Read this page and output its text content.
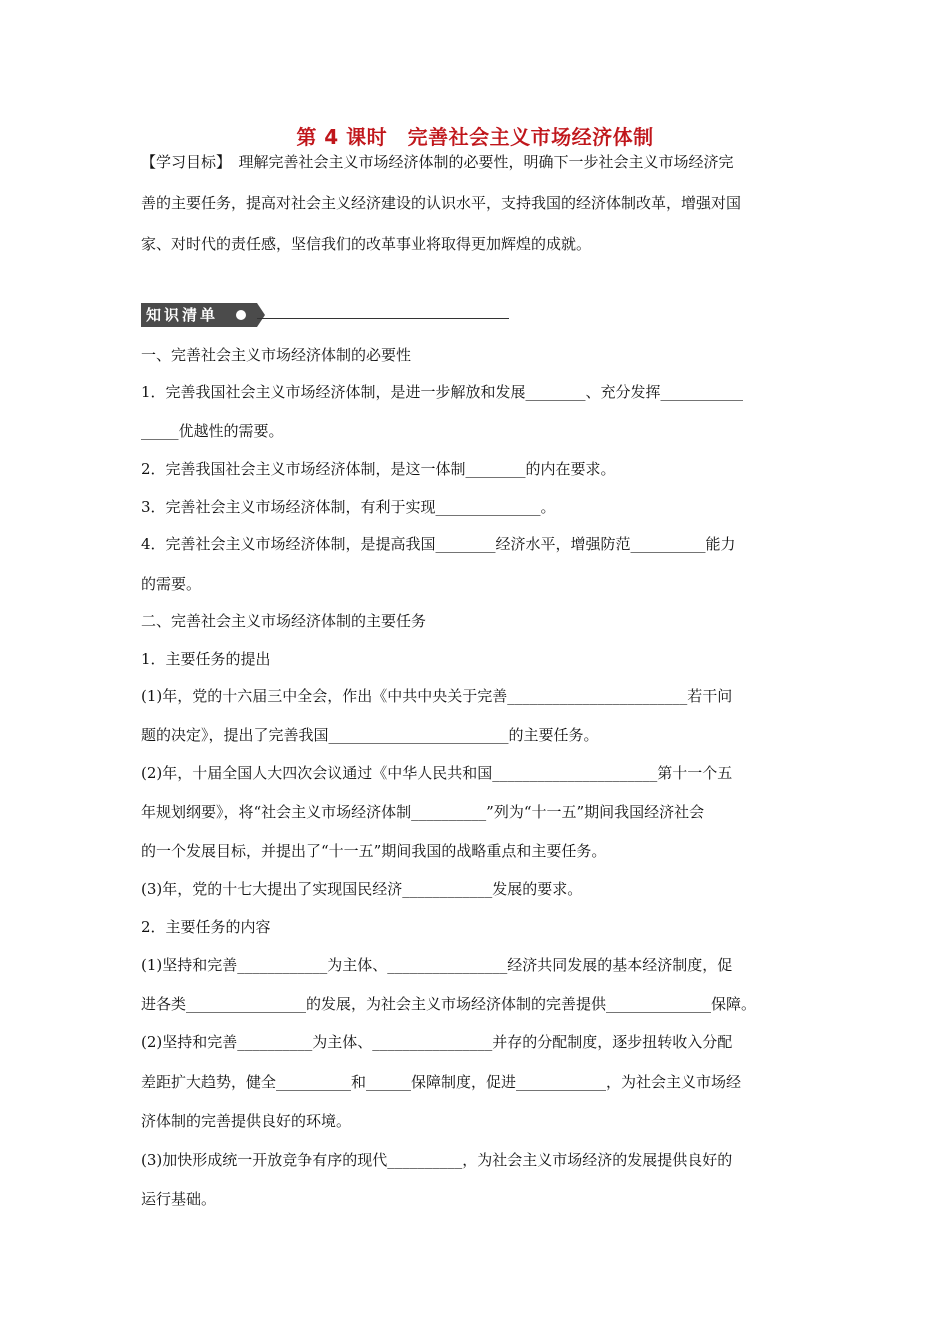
第 4 课时　完善社会主义市场经济体制
【学习目标】　理解完善社会主义市场经济体制的必要性，明确下一步社会主义市场经济完
善的主要任务，提高对社会主义经济建设的认识水平，支持我国的经济体制改革，增强对国
家、对时代的责任感，坚信我们的改革事业将取得更加辉煌的成就。
知识清单
一、完善社会主义市场经济体制的必要性
1．完善我国社会主义市场经济体制，是进一步解放和发展________、充分发挥___________
_____优越性的需要。
2．完善我国社会主义市场经济体制，是这一体制________的内在要求。
3．完善社会主义市场经济体制，有利于实现______________。
4．完善社会主义市场经济体制，是提高我国________经济水平，增强防范__________能力
的需要。
二、完善社会主义市场经济体制的主要任务
1．主要任务的提出
(1)年，党的十六届三中全会，作出《中共中央关于完善________________________若干问
题的决定》，提出了完善我国________________________的主要任务。
(2)年，十届全国人大四次会议通过《中华人民共和国______________________第十一个五
年规划纲要》，将“社会主义市场经济体制__________”列为“十一五”期间我国经济社会
的一个发展目标，并提出了“十一五”期间我国的战略重点和主要任务。
(3)年，党的十七大提出了实现国民经济____________发展的要求。
2．主要任务的内容
(1)坚持和完善____________为主体、________________经济共同发展的基本经济制度，促
进各类________________的发展，为社会主义市场经济体制的完善提供______________保障。
(2)坚持和完善__________为主体、________________并存的分配制度，逐步扭转收入分配
差距扩大趋势，健全__________和______保障制度，促进____________，为社会主义市场经
济体制的完善提供良好的环境。
(3)加快形成统一开放竞争有序的现代__________，为社会主义市场经济的发展提供良好的
运行基础。
